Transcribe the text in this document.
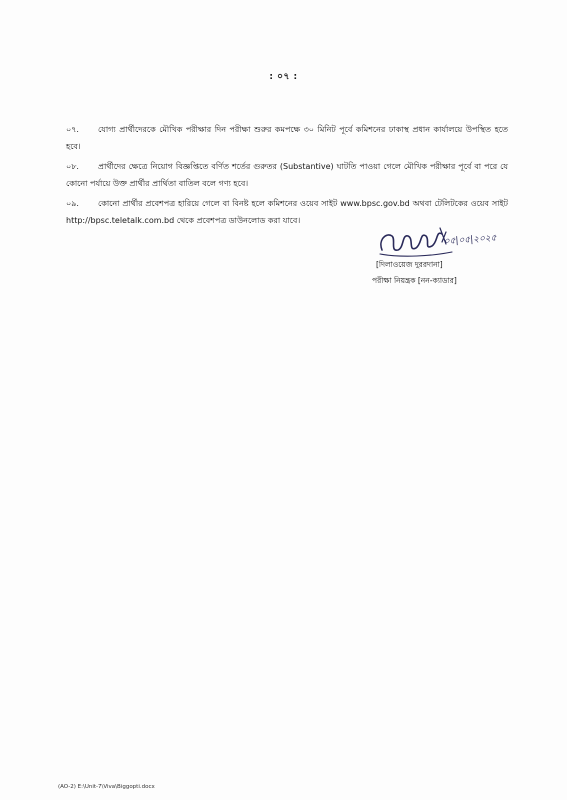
: ০৭ :
০৭. যোগ্য প্রার্থীদেরকে মৌখিক পরীক্ষার দিন পরীক্ষা শুরুর কমপক্ষে ৩০ মিনিট পূর্বে কমিশনের ঢাকাস্থ প্রধান কার্যালয়ে উপস্থিত হতে হবে।
০৮. প্রার্থীদের ক্ষেত্রে নিয়োগ বিজ্ঞপ্তিতে বর্ণিত শর্তের গুরুতর (Substantive) ঘাটতি পাওয়া গেলে মৌখিক পরীক্ষার পূর্বে বা পরে যে কোনো পর্যায়ে উক্ত প্রার্থীর প্রার্থিতা বাতিল বলে গণ্য হবে।
০৯. কোনো প্রার্থীর প্রবেশপত্র হারিয়ে গেলে বা বিনষ্ট হলে কমিশনের ওয়েব সাইট www.bpsc.gov.bd অথবা টেলিটকের ওয়েব সাইট http://bpsc.teletalk.com.bd থেকে প্রবেশপত্র ডাউনলোড করা যাবে।
০৫|০৫|২০২৫
[দিলাওয়েজ দুররদানা]
পরীক্ষা নিয়ন্ত্রক [নন-ক্যাডার]
(AO-2) E:\Unit-7\Viva\Biggopti.docx
